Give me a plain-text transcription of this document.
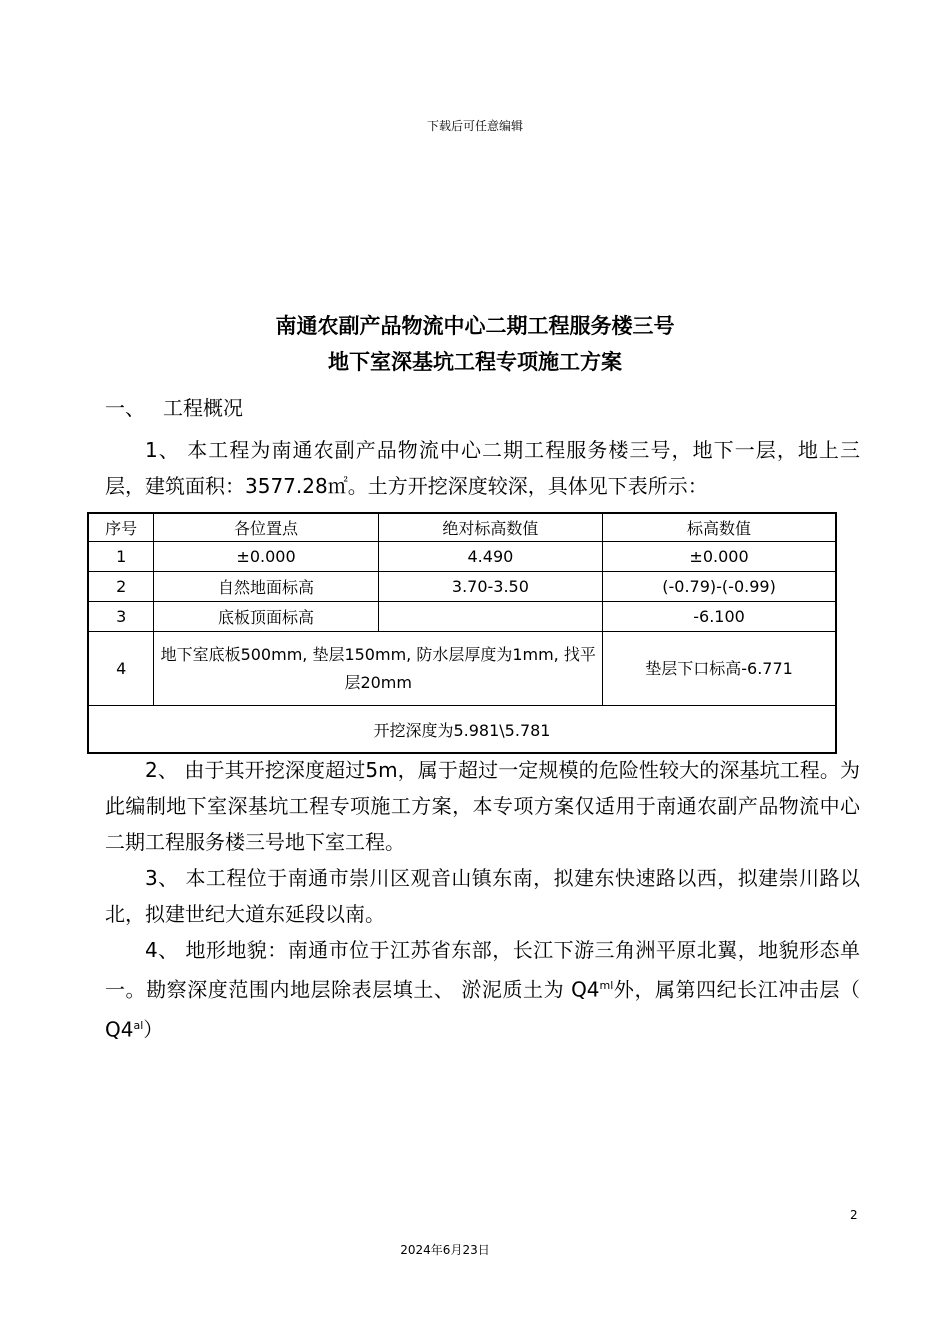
下载后可任意编辑
南通农副产品物流中心二期工程服务楼三号
地下室深基坑工程专项施工方案
一、 工程概况
1、 本工程为南通农副产品物流中心二期工程服务楼三号，地下一层，地上三层，建筑面积：3577.28㎡。土方开挖深度较深，具体见下表所示：
序号	各位置点	绝对标高数值	标高数值
1	±0.000	4.490	±0.000
2	自然地面标高	3.70-3.50	(-0.79)-(-0.99)
3	底板顶面标高		-6.100
4	地下室底板500mm, 垫层150mm, 防水层厚度为1mm, 找平层20mm		垫层下口标高-6.771
开挖深度为5.981\5.781			
2、 由于其开挖深度超过5m，属于超过一定规模的危险性较大的深基坑工程。为此编制地下室深基坑工程专项施工方案，本专项方案仅适用于南通农副产品物流中心二期工程服务楼三号地下室工程。
3、 本工程位于南通市崇川区观音山镇东南，拟建东快速路以西，拟建崇川路以北，拟建世纪大道东延段以南。
4、 地形地貌：南通市位于江苏省东部，长江下游三角洲平原北翼，地貌形态单一。勘察深度范围内地层除表层填土、 淤泥质土为 $Q4^{ml}$外，属第四纪长江冲击层（ $Q4^{al}$）
2
2024年6月23日
